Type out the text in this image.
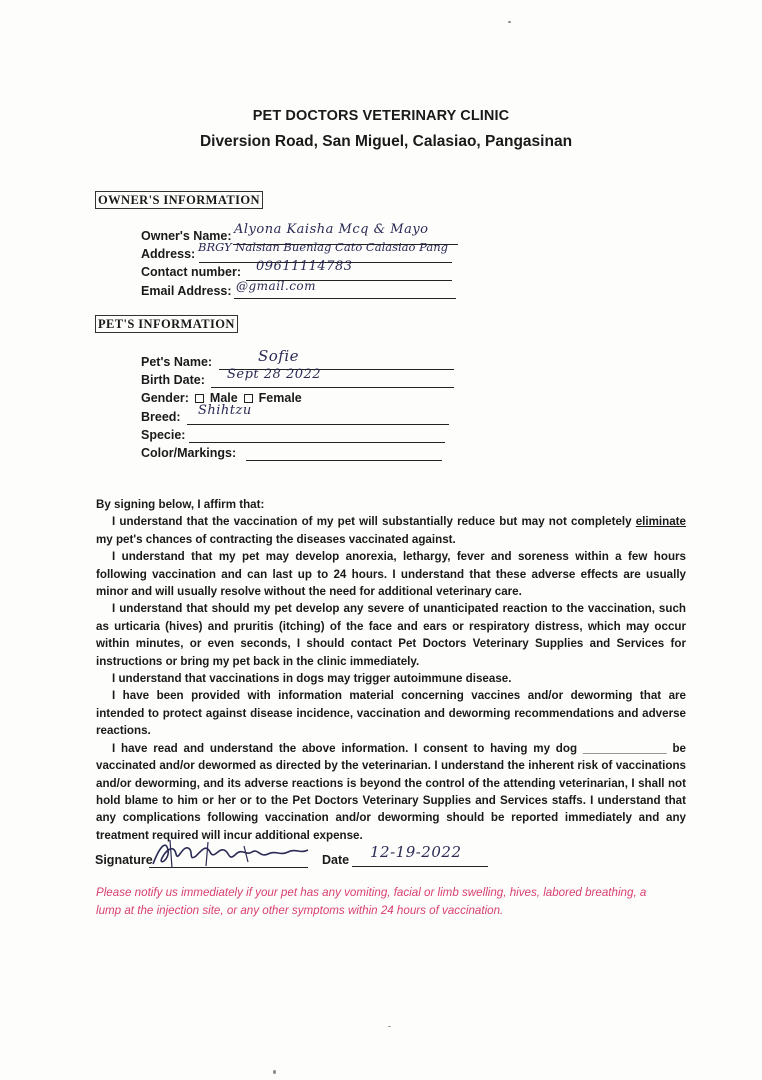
PET DOCTORS VETERINARY CLINIC
Diversion Road, San Miguel, Calasiao, Pangasinan
OWNER'S INFORMATION
Owner's Name: Alyona Kaisha Mcq & Mayo
Address: BRGY Nalsian Buenlag Cato Calasiao Pang
Contact number: 09611114783
Email Address: @gmail.com
PET'S INFORMATION
Pet's Name:	Sofie
Birth Date: Sept 28 2022
Gender: Male Female
Breed: Shihtzu
Specie:
Color/Markings:

By signing below, I affirm that:

I understand that the vaccination of my pet will substantially reduce but may not completely eliminate my pet's chances of contracting the diseases vaccinated against.

I understand that my pet may develop anorexia, lethargy, fever and soreness within a few hours following vaccination and can last up to 24 hours. I understand that these adverse effects are usually minor and will usually resolve without the need for additional veterinary care.

I understand that should my pet develop any severe of unanticipated reaction to the vaccination, such as urticaria (hives) and pruritis (itching) of the face and ears or respiratory distress, which may occur within minutes, or even seconds, I should contact Pet Doctors Veterinary Supplies and Services for instructions or bring my pet back in the clinic immediately.

I understand that vaccinations in dogs may trigger autoimmune disease.

I have been provided with information material concerning vaccines and/or deworming that are intended to protect against disease incidence, vaccination and deworming recommendations and adverse reactions.

I have read and understand the above information. I consent to having my dog _____________ be vaccinated and/or dewormed as directed by the veterinarian. I understand the inherent risk of vaccinations and/or deworming, and its adverse reactions is beyond the control of the attending veterinarian, I shall not hold blame to him or her or to the Pet Doctors Veterinary Supplies and Services staffs. I understand that any complications following vaccination and/or deworming should be reported immediately and any treatment required will incur additional expense.

Signature	Date 12-19-2022
Please notify us immediately if your pet has any vomiting, facial or limb swelling, hives, labored breathing, a lump at the injection site, or any other symptoms within 24 hours of vaccination.
